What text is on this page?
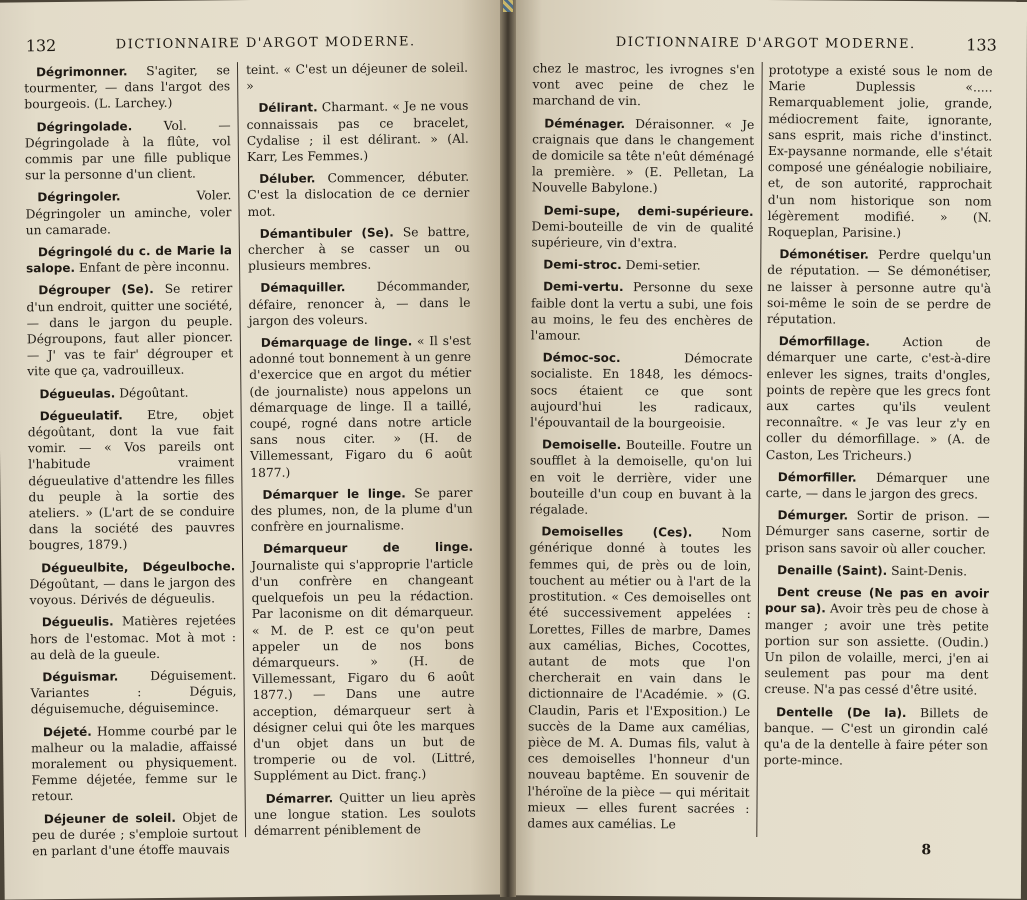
132	DICTIONNAIRE D'ARGOT MODERNE.

Dégrimonner. S'agiter, se tourmenter, — dans l'argot des bourgeois. (L. Larchey.)

Dégringolade. Vol. — Dégringolade à la flûte, vol commis par une fille publique sur la personne d'un client.

Dégringoler. Voler. Dégringoler un aminche, voler un camarade.

Dégringolé du c. de Marie la salope. Enfant de père inconnu.

Dégrouper (Se). Se retirer d'un endroit, quitter une société, — dans le jargon du peuple. Dégroupons, faut aller pioncer. — J' vas te fair' dégrouper et vite que ça, vadrouilleux.

Dégueulas. Dégoûtant.

Dégueulatif. Etre, objet dégoûtant, dont la vue fait vomir. — « Vos pareils ont l'habitude vraiment dégueulative d'attendre les filles du peuple à la sortie des ateliers. » (L'art de se conduire dans la société des pauvres bougres, 1879.)

Dégueulbite, Dégeulboche. Dégoûtant, — dans le jargon des voyous. Dérivés de dégueulis.

Dégueulis. Matières rejetées hors de l'estomac. Mot à mot : au delà de la gueule.

Déguismar. Déguisement. Variantes : Déguis, déguisemuche, déguisemince.

Déjeté. Homme courbé par le malheur ou la maladie, affaissé moralement ou physiquement. Femme déjetée, femme sur le retour.

Déjeuner de soleil. Objet de peu de durée ; s'emploie surtout en parlant d'une étoffe mauvais

teint. « C'est un déjeuner de soleil. »

Délirant. Charmant. « Je ne vous connaissais pas ce bracelet, Cydalise ; il est délirant. » (Al. Karr, Les Femmes.)

Déluber. Commencer, débuter. C'est la dislocation de ce dernier mot.

Démantibuler (Se). Se battre, chercher à se casser un ou plusieurs membres.

Démaquiller. Décommander, défaire, renoncer à, — dans le jargon des voleurs.

Démarquage de linge. « Il s'est adonné tout bonnement à un genre d'exercice que en argot du métier (de journaliste) nous appelons un démarquage de linge. Il a taillé, coupé, rogné dans notre article sans nous citer. » (H. de Villemessant, Figaro du 6 août 1877.)

Démarquer le linge. Se parer des plumes, non, de la plume d'un confrère en journalisme.

Démarqueur de linge. Journaliste qui s'approprie l'article d'un confrère en changeant quelquefois un peu la rédaction. Par laconisme on dit démarqueur. « M. de P. est ce qu'on peut appeler un de nos bons démarqueurs. » (H. de Villemessant, Figaro du 6 août 1877.) — Dans une autre acception, démarqueur sert à désigner celui qui ôte les marques d'un objet dans un but de tromperie ou de vol. (Littré, Supplément au Dict. franç.)

Démarrer. Quitter un lieu après une longue station. Les soulots démarrent péniblement de

DICTIONNAIRE D'ARGOT MODERNE.	133

chez le mastroc, les ivrognes s'en vont avec peine de chez le marchand de vin.

Déménager. Déraisonner. « Je craignais que dans le changement de domicile sa tête n'eût déménagé la première. » (E. Pelletan, La Nouvelle Babylone.)

Demi-supe, demi-supérieure. Demi-bouteille de vin de qualité supérieure, vin d'extra.

Demi-stroc. Demi-setier.

Demi-vertu. Personne du sexe faible dont la vertu a subi, une fois au moins, le feu des enchères de l'amour.

Démoc-soc. Démocrate socialiste. En 1848, les démocs-socs étaient ce que sont aujourd'hui les radicaux, l'épouvantail de la bourgeoisie.

Demoiselle. Bouteille. Foutre un soufflet à la demoiselle, qu'on lui en voit le derrière, vider une bouteille d'un coup en buvant à la régalade.

Demoiselles (Ces). Nom générique donné à toutes les femmes qui, de près ou de loin, touchent au métier ou à l'art de la prostitution. « Ces demoiselles ont été successivement appelées : Lorettes, Filles de marbre, Dames aux camélias, Biches, Cocottes, autant de mots que l'on chercherait en vain dans le dictionnaire de l'Académie. » (G. Claudin, Paris et l'Exposition.) Le succès de la Dame aux camélias, pièce de M. A. Dumas fils, valut à ces demoiselles l'honneur d'un nouveau baptême. En souvenir de l'héroïne de la pièce — qui méritait mieux — elles furent sacrées : dames aux camélias. Le

prototype a existé sous le nom de Marie Duplessis «..... Remarquablement jolie, grande, médiocrement faite, ignorante, sans esprit, mais riche d'instinct. Ex-paysanne normande, elle s'était composé une généalogie nobiliaire, et, de son autorité, rapprochait d'un nom historique son nom légèrement modifié. » (N. Roqueplan, Parisine.)

Démonétiser. Perdre quelqu'un de réputation. — Se démonétiser, ne laisser à personne autre qu'à soi-même le soin de se perdre de réputation.

Démorfillage. Action de démarquer une carte, c'est-à-dire enlever les signes, traits d'ongles, points de repère que les grecs font aux cartes qu'ils veulent reconnaître. « Je vas leur z'y en coller du démorfillage. » (A. de Caston, Les Tricheurs.)

Démorfiller. Démarquer une carte, — dans le jargon des grecs.

Démurger. Sortir de prison. — Démurger sans caserne, sortir de prison sans savoir où aller coucher.

Denaille (Saint). Saint-Denis.

Dent creuse (Ne pas en avoir pour sa). Avoir très peu de chose à manger ; avoir une très petite portion sur son assiette. (Oudin.) Un pilon de volaille, merci, j'en ai seulement pas pour ma dent creuse. N'a pas cessé d'être usité.

Dentelle (De la). Billets de banque. — C'est un girondin calé qu'a de la dentelle à faire péter son porte-mince.

8
